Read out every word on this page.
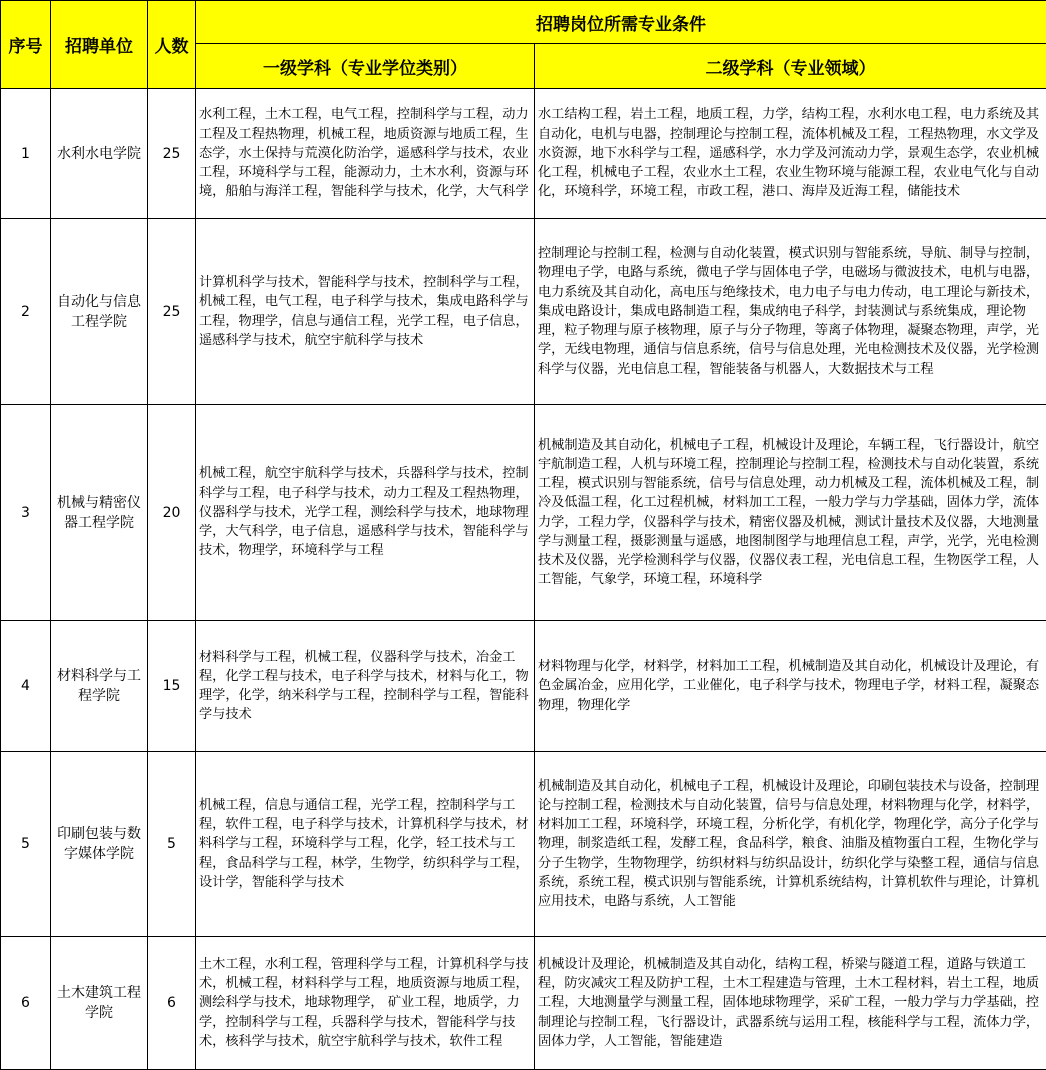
序号	招聘单位	人数	招聘岗位所需专业条件	
			一级学科（专业学位类别）	二级学科（专业领域）
1	水利水电学院	25	水利工程，土木工程，电气工程，控制科学与工程，动力工程及工程热物理，机械工程，地质资源与地质工程，生态学，水土保持与荒漠化防治学，遥感科学与技术，农业工程，环境科学与工程，能源动力，土木水利，资源与环境，船舶与海洋工程，智能科学与技术，化学，大气科学	水工结构工程，岩土工程，地质工程，力学，结构工程，水利水电工程，电力系统及其自动化，电机与电器，控制理论与控制工程，流体机械及工程，工程热物理，水文学及水资源，地下水科学与工程，遥感科学，水力学及河流动力学，景观生态学，农业机械化工程，机械电子工程，农业水土工程，农业生物环境与能源工程，农业电气化与自动化，环境科学，环境工程，市政工程，港口、海岸及近海工程，储能技术

2	自动化与信息工程学院	25	计算机科学与技术，智能科学与技术，控制科学与工程，机械工程，电气工程，电子科学与技术，集成电路科学与工程，物理学，信息与通信工程，光学工程，电子信息，遥感科学与技术，航空宇航科学与技术	控制理论与控制工程，检测与自动化装置，模式识别与智能系统，导航、制导与控制，物理电子学，电路与系统，微电子学与固体电子学，电磁场与微波技术，电机与电器，电力系统及其自动化，高电压与绝缘技术，电力电子与电力传动，电工理论与新技术，集成电路设计，集成电路制造工程，集成纳电子科学，封装测试与系统集成，理论物理，粒子物理与原子核物理，原子与分子物理，等离子体物理，凝聚态物理，声学，光学，无线电物理，通信与信息系统，信号与信息处理，光电检测技术及仪器，光学检测科学与仪器，光电信息工程，智能装备与机器人，大数据技术与工程

3	机械与精密仪器工程学院	20	机械工程，航空宇航科学与技术，兵器科学与技术，控制科学与工程，电子科学与技术，动力工程及工程热物理，仪器科学与技术，光学工程，测绘科学与技术，地球物理学，大气科学，电子信息，遥感科学与技术，智能科学与技术，物理学，环境科学与工程	机械制造及其自动化，机械电子工程，机械设计及理论，车辆工程，飞行器设计，航空宇航制造工程，人机与环境工程，控制理论与控制工程，检测技术与自动化装置，系统工程，模式识别与智能系统，信号与信息处理，动力机械及工程，流体机械及工程，制冷及低温工程，化工过程机械，材料加工工程，一般力学与力学基础，固体力学，流体力学，工程力学，仪器科学与技术，精密仪器及机械，测试计量技术及仪器，大地测量学与测量工程，摄影测量与遥感，地图制图学与地理信息工程，声学，光学，光电检测技术及仪器，光学检测科学与仪器，仪器仪表工程，光电信息工程，生物医学工程，人工智能，气象学，环境工程，环境科学

4	材料科学与工程学院	15	材料科学与工程，机械工程，仪器科学与技术，冶金工程，化学工程与技术，电子科学与技术，材料与化工，物理学，化学，纳米科学与工程，控制科学与工程，智能科学与技术	材料物理与化学，材料学，材料加工工程，机械制造及其自动化，机械设计及理论，有色金属冶金，应用化学，工业催化，电子科学与技术，物理电子学，材料工程，凝聚态物理，物理化学

5	印刷包装与数字媒体学院	5	机械工程，信息与通信工程，光学工程，控制科学与工程，软件工程，电子科学与技术，计算机科学与技术，材料科学与工程，环境科学与工程，化学，轻工技术与工程，食品科学与工程，林学，生物学，纺织科学与工程，设计学，智能科学与技术	机械制造及其自动化，机械电子工程，机械设计及理论，印刷包装技术与设备，控制理论与控制工程，检测技术与自动化装置，信号与信息处理，材料物理与化学，材料学，材料加工工程，环境科学，环境工程，分析化学，有机化学，物理化学，高分子化学与物理，制浆造纸工程，发酵工程，食品科学，粮食、油脂及植物蛋白工程，生物化学与分子生物学，生物物理学，纺织材料与纺织品设计，纺织化学与染整工程，通信与信息系统，系统工程，模式识别与智能系统，计算机系统结构，计算机软件与理论，计算机应用技术，电路与系统，人工智能

6	土木建筑工程学院	6	土木工程，水利工程，管理科学与工程，计算机科学与技术，机械工程，材料科学与工程，地质资源与地质工程，测绘科学与技术，地球物理学， 矿业工程，地质学，力学，控制科学与工程，兵器科学与技术，智能科学与技术，核科学与技术，航空宇航科学与技术，软件工程	机械设计及理论，机械制造及其自动化，结构工程，桥梁与隧道工程，道路与铁道工程，防灾减灾工程及防护工程，土木工程建造与管理，土木工程材料，岩土工程，地质工程，大地测量学与测量工程，固体地球物理学，采矿工程，一般力学与力学基础，控制理论与控制工程，飞行器设计，武器系统与运用工程，核能科学与工程，流体力学，固体力学，人工智能，智能建造
